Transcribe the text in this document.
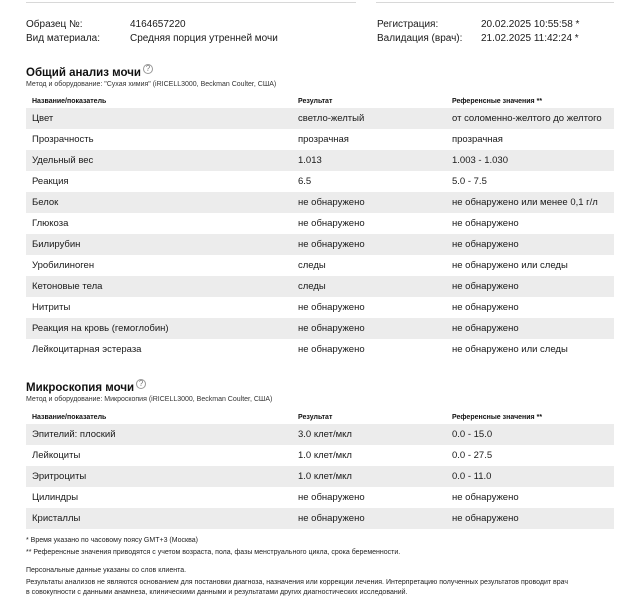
Образец №:	4164657220
Вид материала:	Средняя порция утренней мочи
Регистрация:	20.02.2025 10:55:58 *
Валидация (врач): 21.02.2025 11:42:24 *
Общий анализ мочи ?
Метод и оборудование: "Сухая химия" (iRICELL3000, Beckman Coulter, США)
Название/показатель	Результат	Референсные значения **
Цвет	светло-желтый	от соломенно-желтого до желтого
Прозрачность	прозрачная	прозрачная
Удельный вес	1.013	1.003 - 1.030
Реакция	6.5	5.0 - 7.5
Белок	не обнаружено	не обнаружено или менее 0,1 г/л
Глюкоза	не обнаружено	не обнаружено
Билирубин	не обнаружено	не обнаружено
Уробилиноген	следы	не обнаружено или следы
Кетоновые тела	следы	не обнаружено
Нитриты	не обнаружено	не обнаружено
Реакция на кровь (гемоглобин)	не обнаружено	не обнаружено
Лейкоцитарная эстераза	не обнаружено	не обнаружено или следы
Микроскопия мочи ?
Метод и оборудование: Микроскопия (iRICELL3000, Beckman Coulter, США)
Название/показатель	Результат	Референсные значения **
Эпителий: плоский	3.0 клет/мкл	0.0 - 15.0
Лейкоциты	1.0 клет/мкл	0.0 - 27.5
Эритроциты	1.0 клет/мкл	0.0 - 11.0
Цилиндры	не обнаружено	не обнаружено
Кристаллы	не обнаружено	не обнаружено
* Время указано по часовому поясу GMT+3 (Москва)
** Референсные значения приводятся с учетом возраста, пола, фазы менструального цикла, срока беременности.
Персональные данные указаны со слов клиента.
Результаты анализов не являются основанием для постановки диагноза, назначения или коррекции лечения. Интерпретацию полученных результатов проводит врач
в совокупности с данными анамнеза, клиническими данными и результатами других диагностических исследований.
